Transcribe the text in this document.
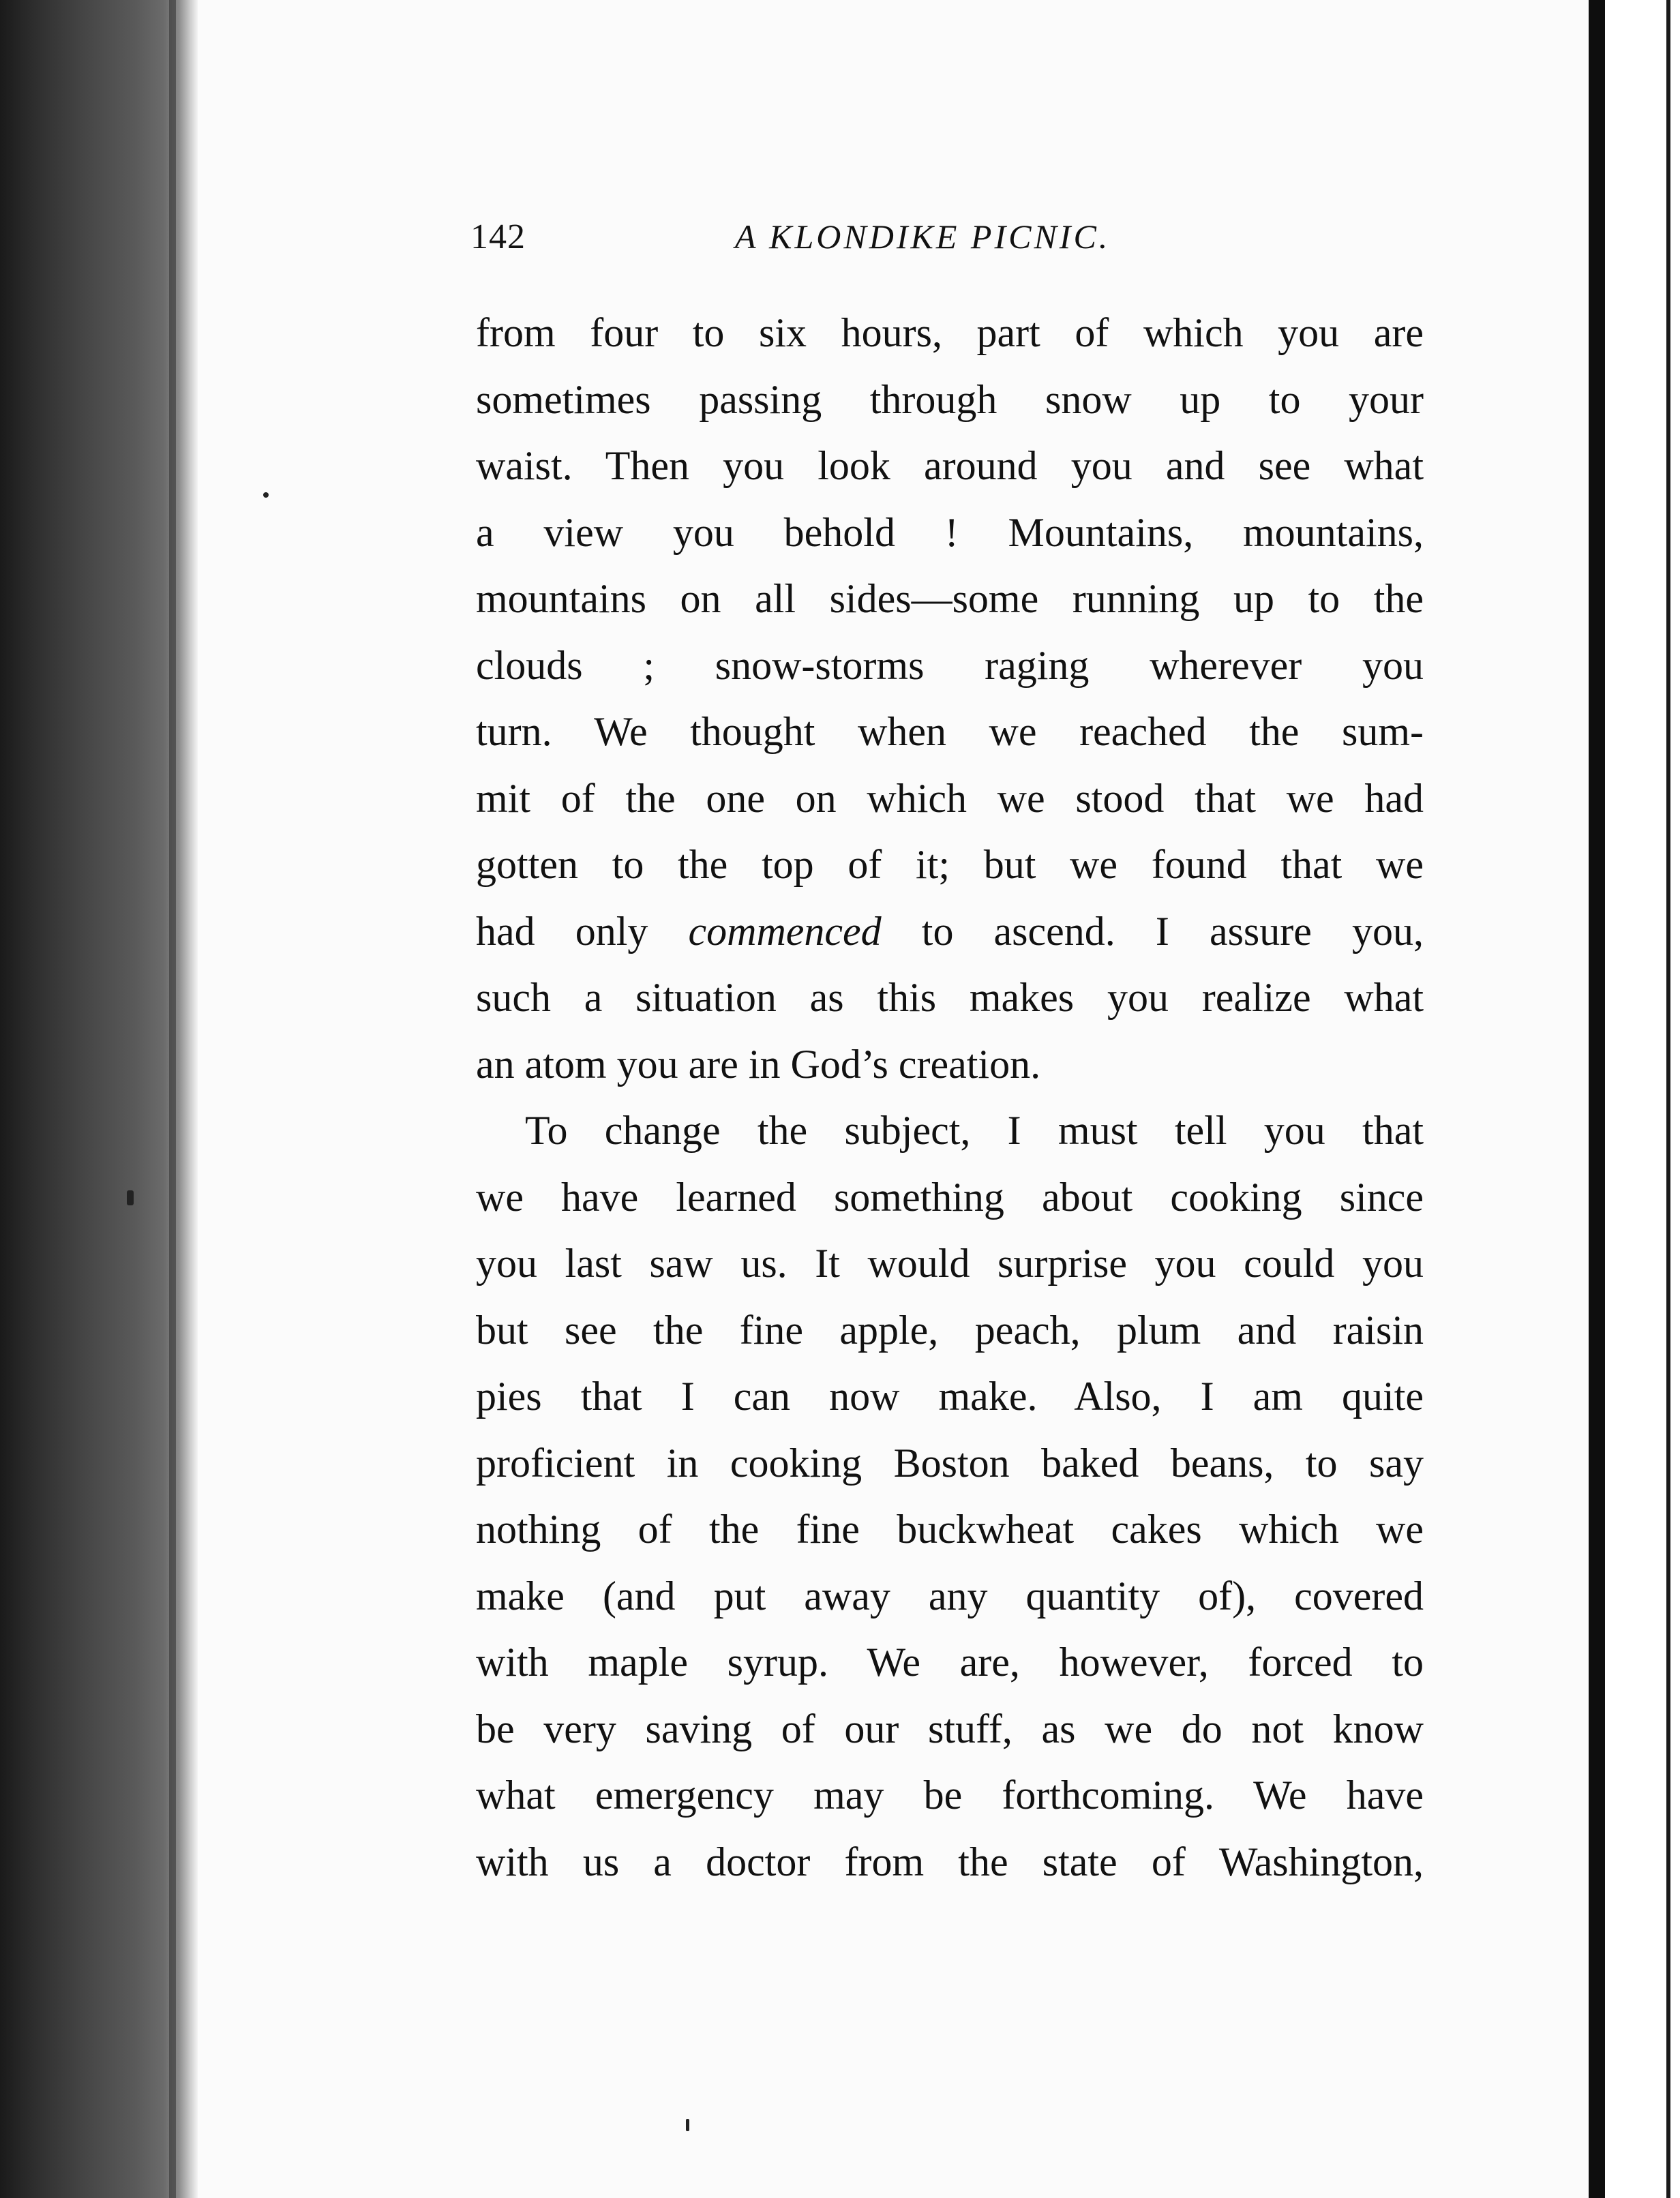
142	A KLONDIKE PICNIC.
from four to six hours, part of which you are
sometimes passing through snow up to your
waist. Then you look around you and see what
a view you behold ! Mountains, mountains,
mountains on all sides—some running up to the
clouds ; snow-storms raging wherever you
turn. We thought when we reached the sum-
mit of the one on which we stood that we had
gotten to the top of it; but we found that we
had only commenced to ascend. I assure you,
such a situation as this makes you realize what
an atom you are in God’s creation.
To change the subject, I must tell you that
we have learned something about cooking since
you last saw us. It would surprise you could you
but see the fine apple, peach, plum and raisin
pies that I can now make. Also, I am quite
proficient in cooking Boston baked beans, to say
nothing of the fine buckwheat cakes which we
make (and put away any quantity of), covered
with maple syrup. We are, however, forced to
be very saving of our stuff, as we do not know
what emergency may be forthcoming. We have
with us a doctor from the state of Washington,
